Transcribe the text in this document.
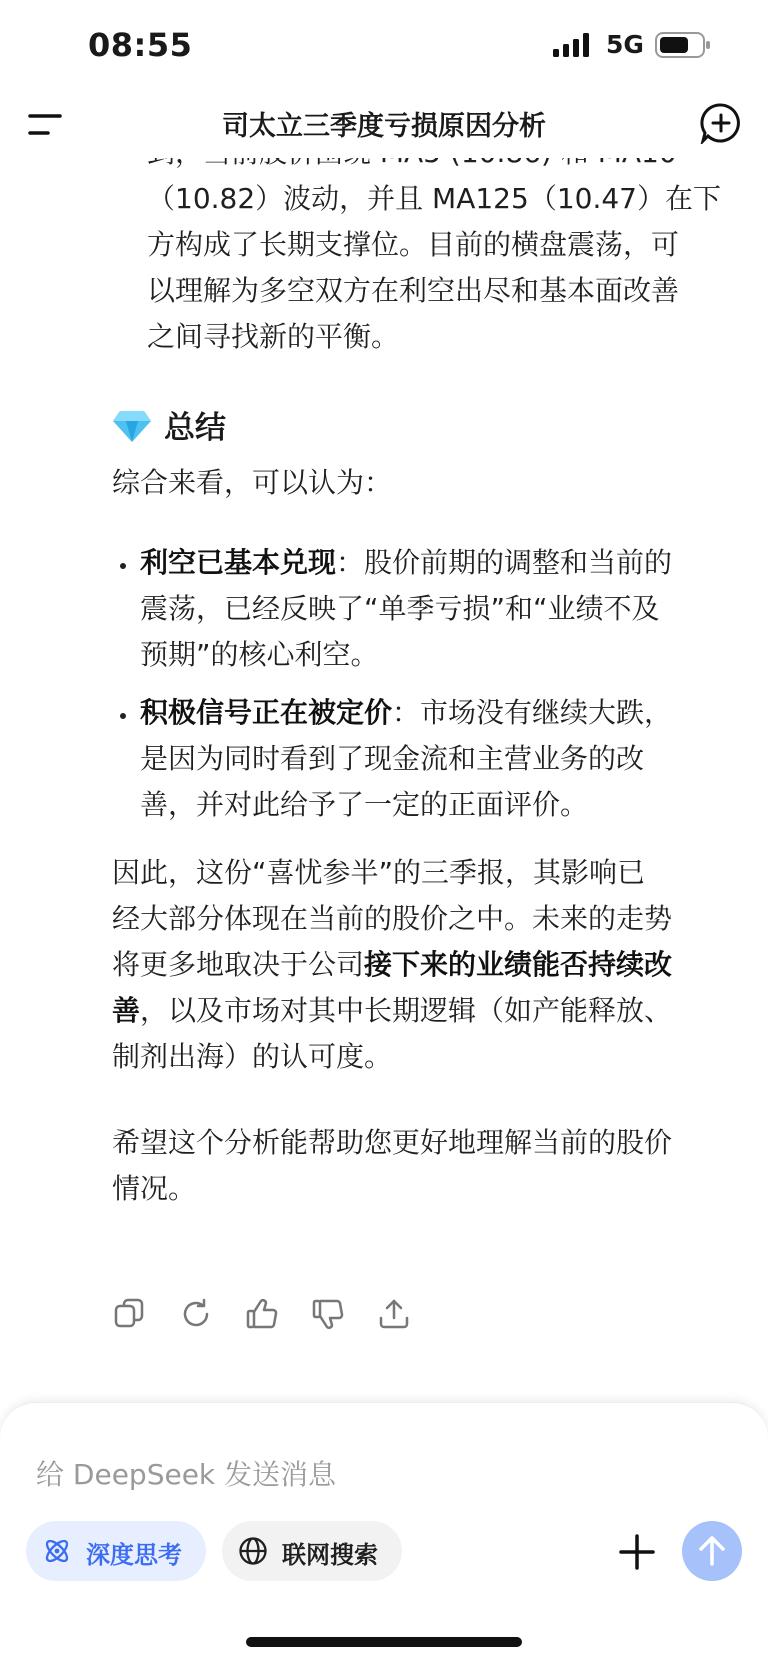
08:55	5G
司太立三季度亏损原因分析

（10.82）波动，并且 MA125（10.47）在下

方构成了长期支撑位。目前的横盘震荡，可

以理解为多空双方在利空出尽和基本面改善

之间寻找新的平衡。

总结

综合来看，可以认为：

利空已基本兑现：股价前期的调整和当前的

震荡，已经反映了“单季亏损”和“业绩不及

预期”的核心利空。

积极信号正在被定价：市场没有继续大跌，

是因为同时看到了现金流和主营业务的改

善，并对此给予了一定的正面评价。

因此，这份“喜忧参半”的三季报，其影响已

经大部分体现在当前的股价之中。未来的走势

将更多地取决于公司接下来的业绩能否持续改

善，以及市场对其中长期逻辑（如产能释放、

制剂出海）的认可度。

希望这个分析能帮助您更好地理解当前的股价

情况。

给 DeepSeek 发送消息
深度思考	联网搜索
